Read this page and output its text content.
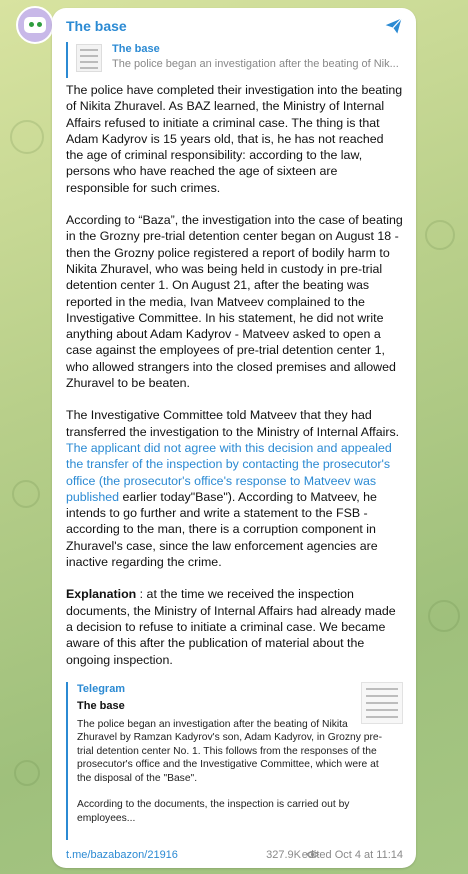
The base
The base
The police began an investigation after the beating of Nik...

The police have completed their investigation into the beating of Nikita Zhuravel. As BAZ learned, the Ministry of Internal Affairs refused to initiate a criminal case. The thing is that Adam Kadyrov is 15 years old, that is, he has not reached the age of criminal responsibility: according to the law, persons who have reached the age of sixteen are responsible for such crimes.

According to “Baza”, the investigation into the case of beating in the Grozny pre-trial detention center began on August 18 - then the Grozny police registered a report of bodily harm to Nikita Zhuravel, who was being held in custody in pre-trial detention center 1. On August 21, after the beating was reported in the media, Ivan Matveev complained to the Investigative Committee. In his statement, he did not write anything about Adam Kadyrov - Matveev asked to open a case against the employees of pre-trial detention center 1, who allowed strangers into the closed premises and allowed Zhuravel to be beaten.

The Investigative Committee told Matveev that they had transferred the investigation to the Ministry of Internal Affairs. The applicant did not agree with this decision and appealed the transfer of the inspection by contacting the prosecutor's office (the prosecutor's office's response to Matveev was published earlier today"Base"). According to Matveev, he intends to go further and write a statement to the FSB - according to the man, there is a corruption component in Zhuravel's case, since the law enforcement agencies are inactive regarding the crime.

Explanation : at the time we received the inspection documents, the Ministry of Internal Affairs had already made a decision to refuse to initiate a criminal case. We became aware of this after the publication of material about the ongoing inspection.

Telegram
The base

The police began an investigation after the beating of Nikita Zhuravel by Ramzan Kadyrov's son, Adam Kadyrov, in Grozny pre-trial detention center No. 1. This follows from the responses of the prosecutor's office and the Investigative Committee, which were at the disposal of the "Base".

According to the documents, the inspection is carried out by employees...

t.me/bazabazon/21916	327.9K edited Oct 4 at 11:14
